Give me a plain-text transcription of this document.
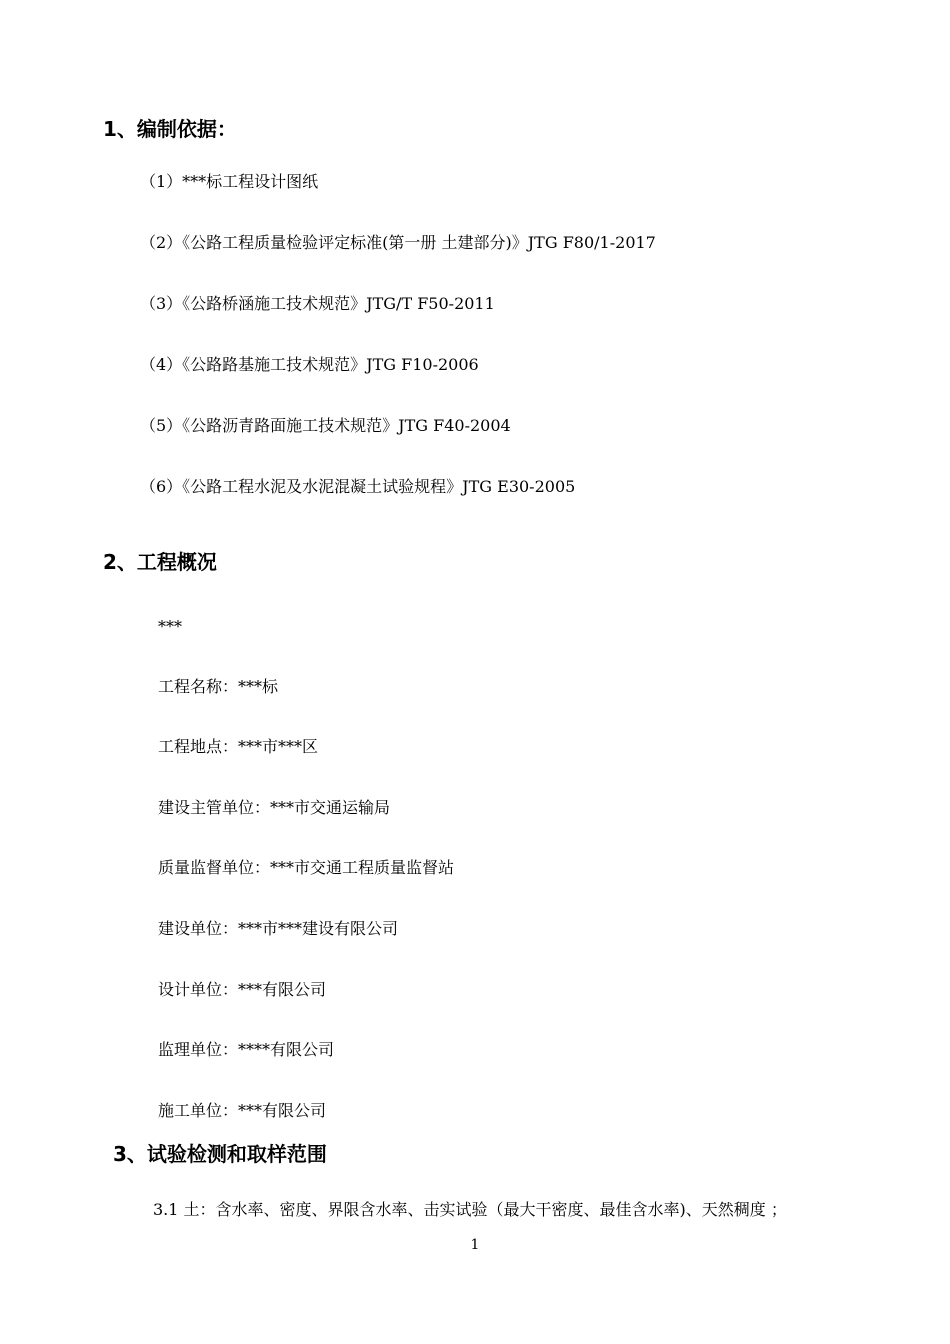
1、编制依据：
（1）***标工程设计图纸
（2）《公路工程质量检验评定标准(第一册 土建部分)》JTG F80/1-2017
（3）《公路桥涵施工技术规范》JTG/T F50-2011
（4）《公路路基施工技术规范》JTG F10-2006
（5）《公路沥青路面施工技术规范》JTG F40-2004
（6）《公路工程水泥及水泥混凝土试验规程》JTG E30-2005
2、工程概况
***
工程名称：***标
工程地点：***市***区
建设主管单位：***市交通运输局
质量监督单位：***市交通工程质量监督站
建设单位：***市***建设有限公司
设计单位：***有限公司
监理单位：****有限公司
施工单位：***有限公司
3、试验检测和取样范围
3.1 土：含水率、密度、界限含水率、击实试验（最大干密度、最佳含水率)、天然稠度 ；
1
